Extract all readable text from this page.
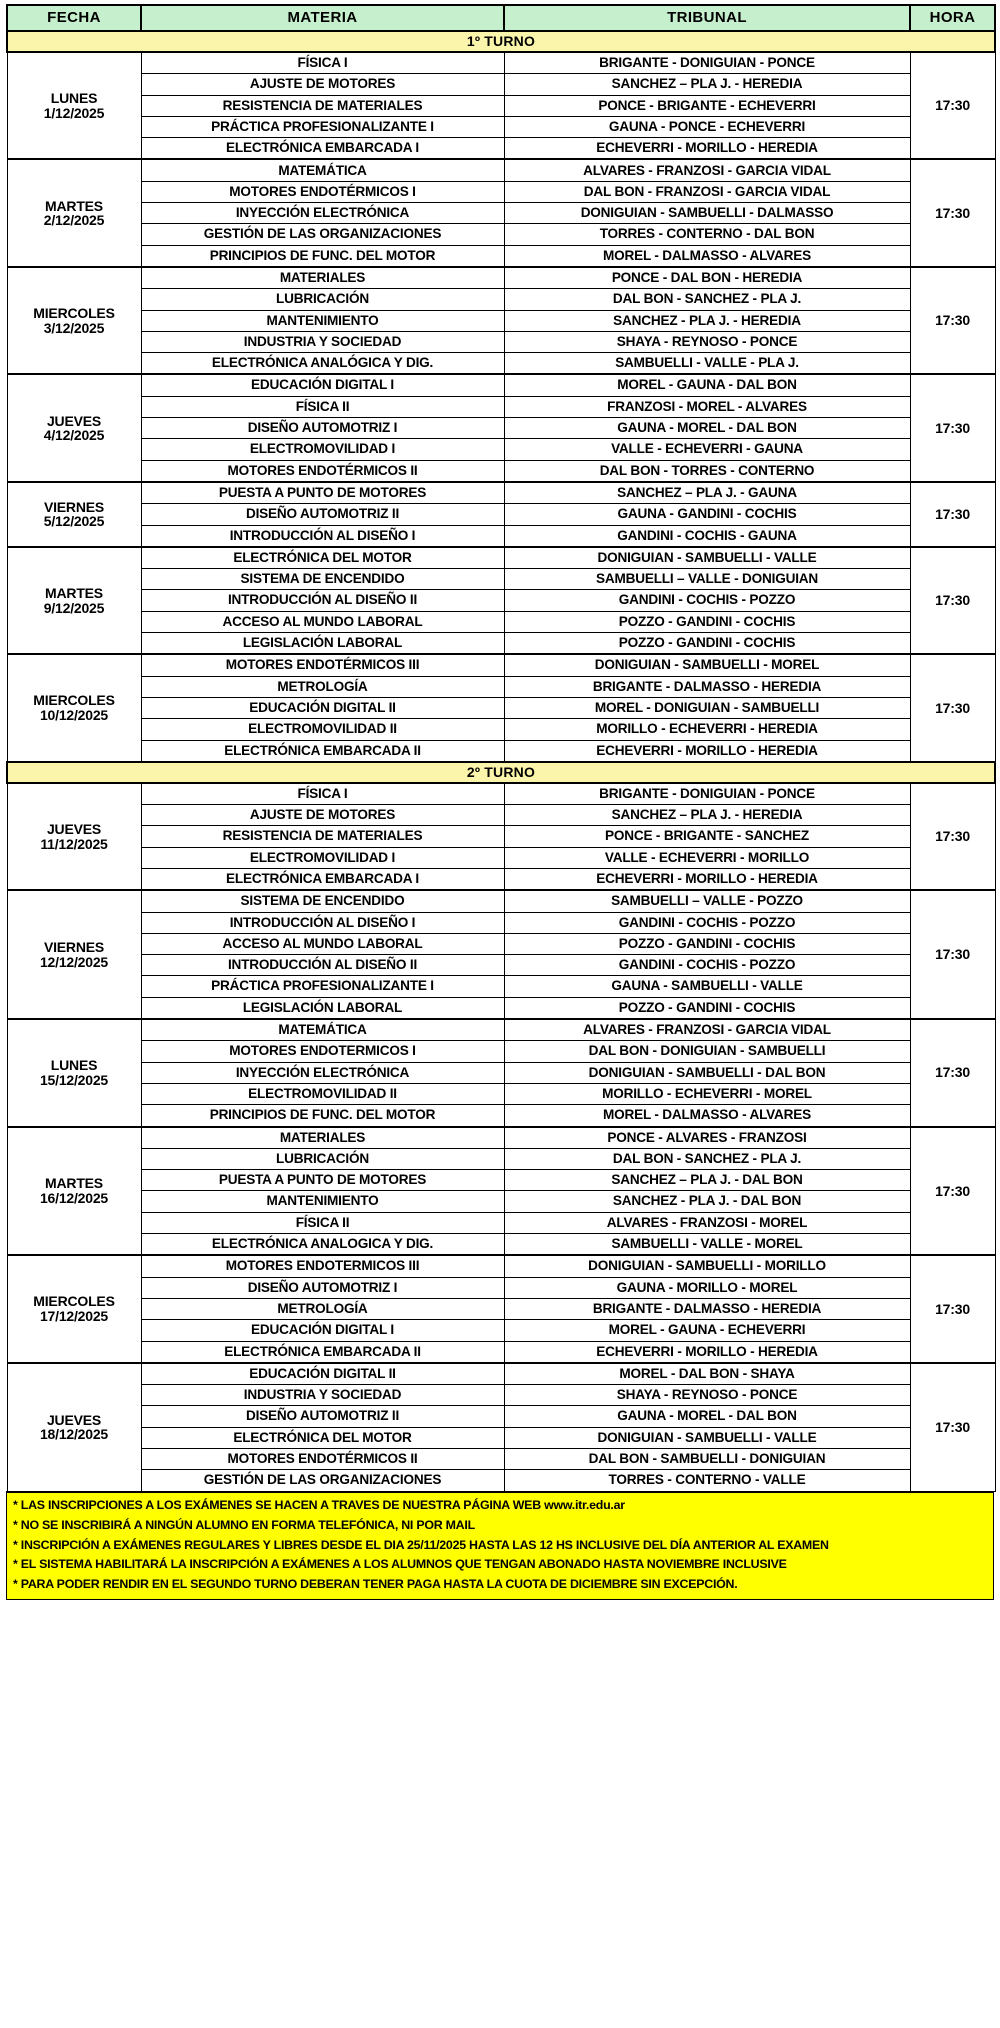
FECHA	MATERIA	TRIBUNAL	HORA
1º TURNO			

LUNES
1/12/2025	FÍSICA I	BRIGANTE - DONIGUIAN - PONCE	17:30
	AJUSTE DE MOTORES	SANCHEZ – PLA J. - HEREDIA	
	RESISTENCIA DE MATERIALES	PONCE - BRIGANTE - ECHEVERRI	
	PRÁCTICA PROFESIONALIZANTE I	GAUNA - PONCE - ECHEVERRI	
	ELECTRÓNICA EMBARCADA I	ECHEVERRI - MORILLO - HEREDIA	

MARTES
2/12/2025	MATEMÁTICA	ALVARES - FRANZOSI - GARCIA VIDAL	17:30
	MOTORES ENDOTÉRMICOS I	DAL BON - FRANZOSI - GARCIA VIDAL	
	INYECCIÓN ELECTRÓNICA	DONIGUIAN - SAMBUELLI - DALMASSO	
	GESTIÓN DE LAS ORGANIZACIONES	TORRES - CONTERNO - DAL BON	
	PRINCIPIOS DE FUNC. DEL MOTOR	MOREL - DALMASSO - ALVARES	

MIERCOLES
3/12/2025	MATERIALES	PONCE - DAL BON - HEREDIA	17:30
	LUBRICACIÓN	DAL BON - SANCHEZ - PLA J.	
	MANTENIMIENTO	SANCHEZ - PLA J. - HEREDIA	
	INDUSTRIA Y SOCIEDAD	SHAYA - REYNOSO - PONCE	
	ELECTRÓNICA ANALÓGICA Y DIG.	SAMBUELLI - VALLE - PLA J.	

JUEVES
4/12/2025	EDUCACIÓN DIGITAL I	MOREL - GAUNA - DAL BON	17:30
	FÍSICA II	FRANZOSI - MOREL - ALVARES	
	DISEÑO AUTOMOTRIZ I	GAUNA - MOREL - DAL BON	
	ELECTROMOVILIDAD I	VALLE - ECHEVERRI - GAUNA	
	MOTORES ENDOTÉRMICOS II	DAL BON - TORRES - CONTERNO	

VIERNES
5/12/2025	PUESTA A PUNTO DE MOTORES	SANCHEZ – PLA J. - GAUNA	17:30
	DISEÑO AUTOMOTRIZ II	GAUNA - GANDINI - COCHIS	
	INTRODUCCIÓN AL DISEÑO I	GANDINI - COCHIS - GAUNA	

MARTES
9/12/2025	ELECTRÓNICA DEL MOTOR	DONIGUIAN - SAMBUELLI - VALLE	17:30
	SISTEMA DE ENCENDIDO	SAMBUELLI – VALLE - DONIGUIAN	
	INTRODUCCIÓN AL DISEÑO II	GANDINI - COCHIS - POZZO	
	ACCESO AL MUNDO LABORAL	POZZO - GANDINI - COCHIS	
	LEGISLACIÓN LABORAL	POZZO - GANDINI - COCHIS	

MIERCOLES
10/12/2025	MOTORES ENDOTÉRMICOS III	DONIGUIAN - SAMBUELLI - MOREL	17:30
	METROLOGÍA	BRIGANTE - DALMASSO - HEREDIA	
	EDUCACIÓN DIGITAL II	MOREL - DONIGUIAN - SAMBUELLI	
	ELECTROMOVILIDAD II	MORILLO - ECHEVERRI - HEREDIA	
	ELECTRÓNICA EMBARCADA II	ECHEVERRI - MORILLO - HEREDIA	
2º TURNO			

JUEVES
11/12/2025	FÍSICA I	BRIGANTE - DONIGUIAN - PONCE	17:30
	AJUSTE DE MOTORES	SANCHEZ – PLA J. - HEREDIA	
	RESISTENCIA DE MATERIALES	PONCE - BRIGANTE - SANCHEZ	
	ELECTROMOVILIDAD I	VALLE - ECHEVERRI - MORILLO	
	ELECTRÓNICA EMBARCADA I	ECHEVERRI - MORILLO - HEREDIA	

VIERNES
12/12/2025	SISTEMA DE ENCENDIDO	SAMBUELLI – VALLE - POZZO	17:30
	INTRODUCCIÓN AL DISEÑO I	GANDINI - COCHIS - POZZO	
	ACCESO AL MUNDO LABORAL	POZZO - GANDINI - COCHIS	
	INTRODUCCIÓN AL DISEÑO II	GANDINI - COCHIS - POZZO	
	PRÁCTICA PROFESIONALIZANTE I	GAUNA - SAMBUELLI - VALLE	
	LEGISLACIÓN LABORAL	POZZO - GANDINI - COCHIS	

LUNES
15/12/2025	MATEMÁTICA	ALVARES - FRANZOSI - GARCIA VIDAL	17:30
	MOTORES ENDOTERMICOS I	DAL BON - DONIGUIAN - SAMBUELLI	
	INYECCIÓN ELECTRÓNICA	DONIGUIAN - SAMBUELLI - DAL BON	
	ELECTROMOVILIDAD II	MORILLO - ECHEVERRI - MOREL	
	PRINCIPIOS DE FUNC. DEL MOTOR	MOREL - DALMASSO - ALVARES	

MARTES
16/12/2025	MATERIALES	PONCE - ALVARES - FRANZOSI	17:30
	LUBRICACIÓN	DAL BON - SANCHEZ - PLA J.	
	PUESTA A PUNTO DE MOTORES	SANCHEZ – PLA J. - DAL BON	
	MANTENIMIENTO	SANCHEZ - PLA J. - DAL BON	
	FÍSICA II	ALVARES - FRANZOSI - MOREL	
	ELECTRÓNICA ANALOGICA Y DIG.	SAMBUELLI - VALLE - MOREL	

MIERCOLES
17/12/2025	MOTORES ENDOTERMICOS III	DONIGUIAN - SAMBUELLI - MORILLO	17:30
	DISEÑO AUTOMOTRIZ I	GAUNA - MORILLO - MOREL	
	METROLOGÍA	BRIGANTE - DALMASSO - HEREDIA	
	EDUCACIÓN DIGITAL I	MOREL - GAUNA - ECHEVERRI	
	ELECTRÓNICA EMBARCADA II	ECHEVERRI - MORILLO - HEREDIA	

JUEVES
18/12/2025	EDUCACIÓN DIGITAL II	MOREL - DAL BON - SHAYA	17:30
	INDUSTRIA Y SOCIEDAD	SHAYA - REYNOSO - PONCE	
	DISEÑO AUTOMOTRIZ II	GAUNA - MOREL - DAL BON	
	ELECTRÓNICA DEL MOTOR	DONIGUIAN - SAMBUELLI - VALLE	
	MOTORES ENDOTÉRMICOS II	DAL BON - SAMBUELLI - DONIGUIAN	
	GESTIÓN DE LAS ORGANIZACIONES	TORRES - CONTERNO - VALLE	
* LAS INSCRIPCIONES A LOS EXÁMENES SE HACEN A TRAVES DE NUESTRA PÁGINA WEB www.itr.edu.ar
* NO SE INSCRIBIRÁ A NINGÚN ALUMNO EN FORMA TELEFÓNICA, NI POR MAIL
* INSCRIPCIÓN A EXÁMENES REGULARES Y LIBRES DESDE EL DIA 25/11/2025 HASTA LAS 12 HS INCLUSIVE DEL DÍA ANTERIOR AL EXAMEN
* EL SISTEMA HABILITARÁ LA INSCRIPCIÓN A EXÁMENES A LOS ALUMNOS QUE TENGAN ABONADO HASTA NOVIEMBRE INCLUSIVE
* PARA PODER RENDIR EN EL SEGUNDO TURNO DEBERAN TENER PAGA HASTA LA CUOTA DE DICIEMBRE SIN EXCEPCIÓN.
